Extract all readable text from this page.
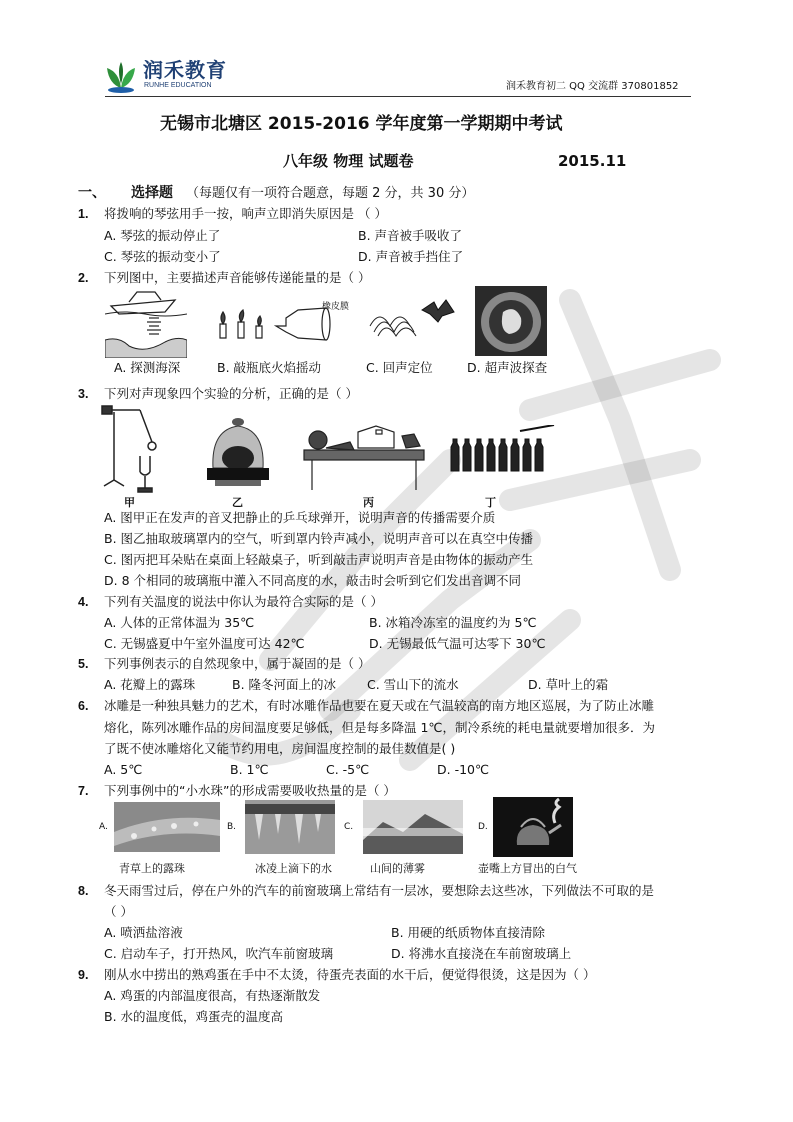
润禾教育
RUNHE EDUCATION	润禾教育初二 QQ 交流群 370801852
无锡市北塘区 2015-2016 学年度第一学期期中考试
八年级 物理 试题卷	2015.11
一、 选择题 （每题仅有一项符合题意，每题 2 分，共 30 分）
1. 将拨响的琴弦用手一按，响声立即消失原因是 （ ）
A. 琴弦的振动停止了	B. 声音被手吸收了
C. 琴弦的振动变小了	D. 声音被手挡住了
2. 下列图中，主要描述声音能够传递能量的是（ ）
橡皮膜
A. 探测海深	B. 敲瓶底火焰摇动	C. 回声定位	D. 超声波探查
3. 下列对声现象四个实验的分析，正确的是（ ）
甲	乙	丙	丁
A. 图甲正在发声的音叉把静止的乒乓球弹开，说明声音的传播需要介质
B. 图乙抽取玻璃罩内的空气，听到罩内铃声减小，说明声音可以在真空中传播
C. 图丙把耳朵贴在桌面上轻敲桌子，听到敲击声说明声音是由物体的振动产生
D. 8 个相同的玻璃瓶中灌入不同高度的水，敲击时会听到它们发出音调不同
4. 下列有关温度的说法中你认为最符合实际的是（ ）
A. 人体的正常体温为 35℃	B. 冰箱冷冻室的温度约为 5℃
C. 无锡盛夏中午室外温度可达 42℃	D. 无锡最低气温可达零下 30℃
5. 下列事例表示的自然现象中，属于凝固的是（ ）
A. 花瓣上的露珠	B. 隆冬河面上的冰 C. 雪山下的流水	D. 草叶上的霜
6. 冰雕是一种独具魅力的艺术，有时冰雕作品也要在夏天或在气温较高的南方地区巡展，为了防止冰雕
熔化，陈列冰雕作品的房间温度要足够低，但是每多降温 1℃，制冷系统的耗电量就要增加很多．为
了既不使冰雕熔化又能节约用电，房间温度控制的最佳数值是( )
A. 5℃	B. 1℃	C. -5℃	D. -10℃
7. 下列事例中的“小水珠”的形成需要吸收热量的是（ ）
A.	B.	C.	D.
青草上的露珠	冰凌上滴下的水	山间的薄雾	壶嘴上方冒出的白气
8. 冬天雨雪过后，停在户外的汽车的前窗玻璃上常结有一层冰，要想除去这些冰，下列做法不可取的是
（ ）
A. 喷洒盐溶液	B. 用硬的纸质物体直接清除
C. 启动车子，打开热风，吹汽车前窗玻璃	D. 将沸水直接浇在车前窗玻璃上
9. 刚从水中捞出的熟鸡蛋在手中不太烫，待蛋壳表面的水干后，便觉得很烫，这是因为（ ）
A. 鸡蛋的内部温度很高，有热逐渐散发
B. 水的温度低，鸡蛋壳的温度高
